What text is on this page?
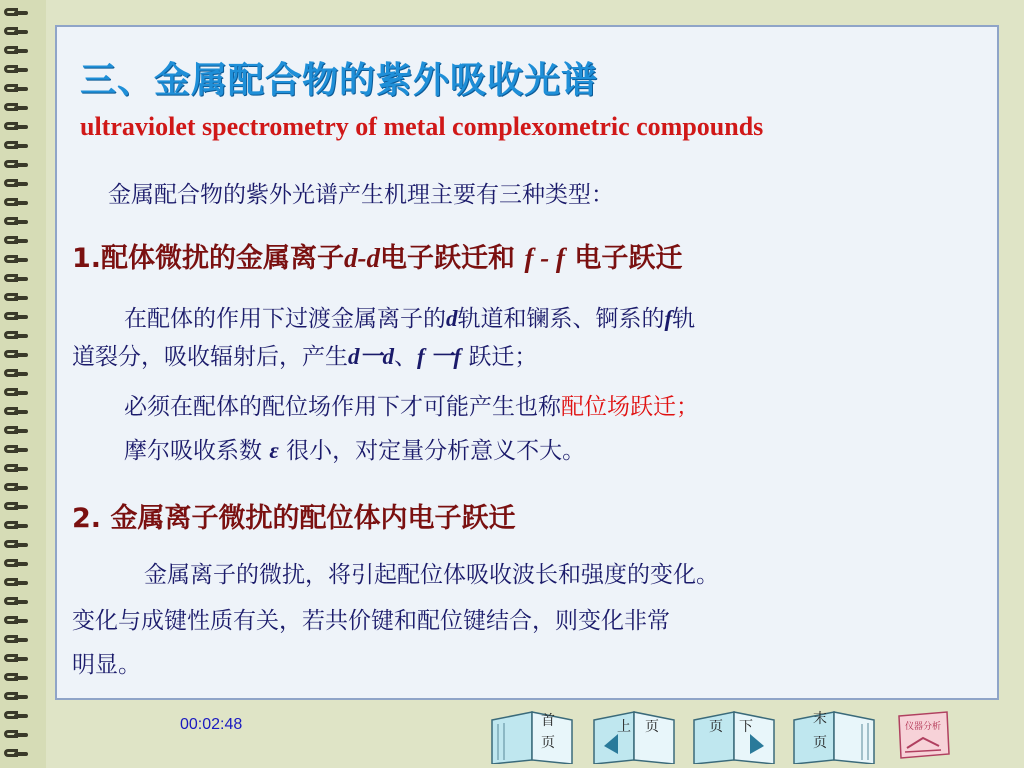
三、金属配合物的紫外吸收光谱
ultraviolet spectrometry of metal complexometric compounds
金属配合物的紫外光谱产生机理主要有三种类型：
1.配体微扰的金属离子d-d电子跃迁和 f - f 电子跃迁
在配体的作用下过渡金属离子的d轨道和镧系、锕系的f轨
道裂分，吸收辐射后，产生d一d、f 一f 跃迁；
必须在配体的配位场作用下才可能产生也称配位场跃迁；
摩尔吸收系数 ε 很小，对定量分析意义不大。
2. 金属离子微扰的配位体内电子跃迁
金属离子的微扰，将引起配位体吸收波长和强度的变化。
变化与成键性质有关，若共价键和配位键结合，则变化非常
明显。
00:02:48	首
页
上	页	页	下	末
页
仪器分析
